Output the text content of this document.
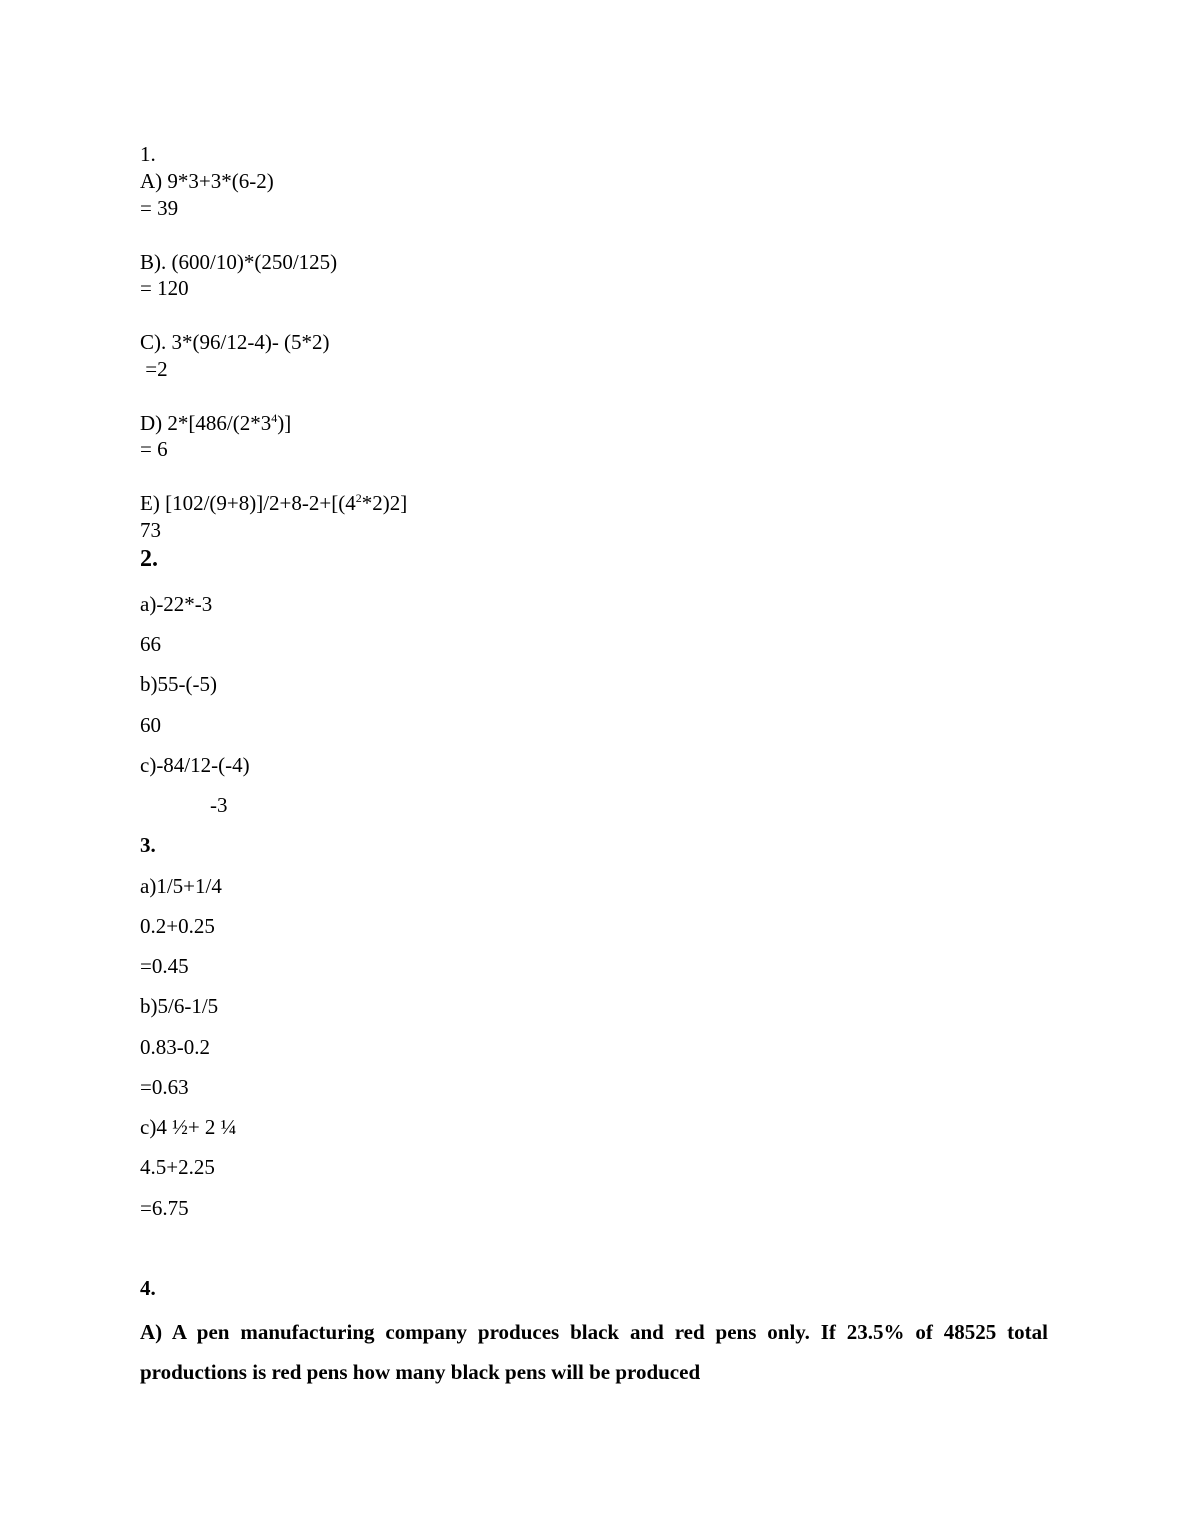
1.
A) 9*3+3*(6-2)
= 39
B). (600/10)*(250/125)
= 120
C). 3*(96/12-4)- (5*2)
=2
D) $2*[486/(2*3^4)]$
= 6
E) $[102/(9+8)]/2+8-2+[(4^2*2)2]$
73
2.
a)-22*-3
66
b)55-(-5)
60
c)-84/12-(-4)
-3
3.
a)1/5+1/4
0.2+0.25
=0.45
b)5/6-1/5
0.83-0.2
=0.63
c)4 ½+ 2 ¼
4.5+2.25
=6.75
4.

A) A pen manufacturing company produces black and red pens only. If 23.5% of 48525 total productions is red pens how many black pens will be produced
